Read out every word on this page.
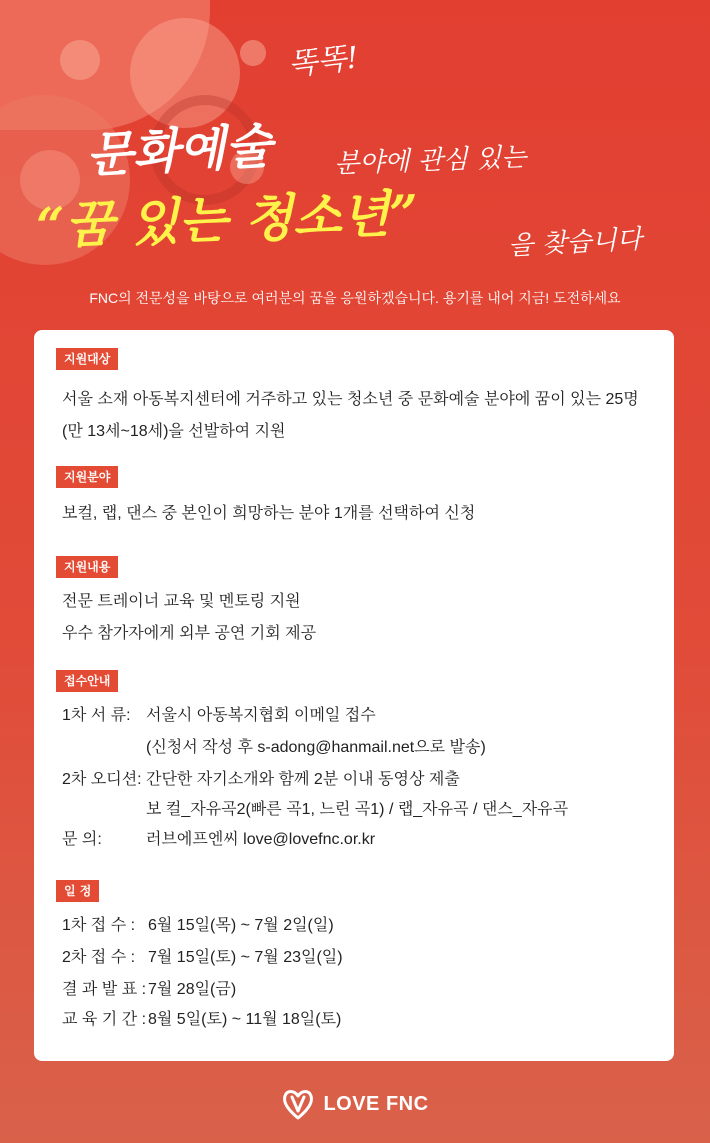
똑똑!
문화예술 분야에 관심 있는
“꿈 있는 청소년”	을 찾습니다
FNC의 전문성을 바탕으로 여러분의 꿈을 응원하겠습니다. 용기를 내어 지금! 도전하세요
지원대상
서울 소재 아동복지센터에 거주하고 있는 청소년 중 문화예술 분야에 꿈이 있는 25명
(만 13세~18세)을 선발하여 지원
지원분야
보컬, 랩, 댄스 중 본인이 희망하는 분야 1개를 선택하여 신청
지원내용
전문 트레이너 교육 및 멘토링 지원
우수 참가자에게 외부 공연 기회 제공
접수안내
1차 서 류: 서울시 아동복지협회 이메일 접수
(신청서 작성 후 s-adong@hanmail.net으로 발송)
2차 오디션: 간단한 자기소개와 함께 2분 이내 동영상 제출
보 컬_자유곡2(빠른 곡1, 느린 곡1) / 랩_자유곡 / 댄스_자유곡
문 의:	러브에프엔씨 love@lovefnc.or.kr
일 정
1차 접 수 : 6월 15일(목) ~ 7월 2일(일)
2차 접 수 : 7월 15일(토) ~ 7월 23일(일)
결 과 발 표 : 7월 28일(금)
교 육 기 간 : 8월 5일(토) ~ 11월 18일(토)
LOVE FNC
